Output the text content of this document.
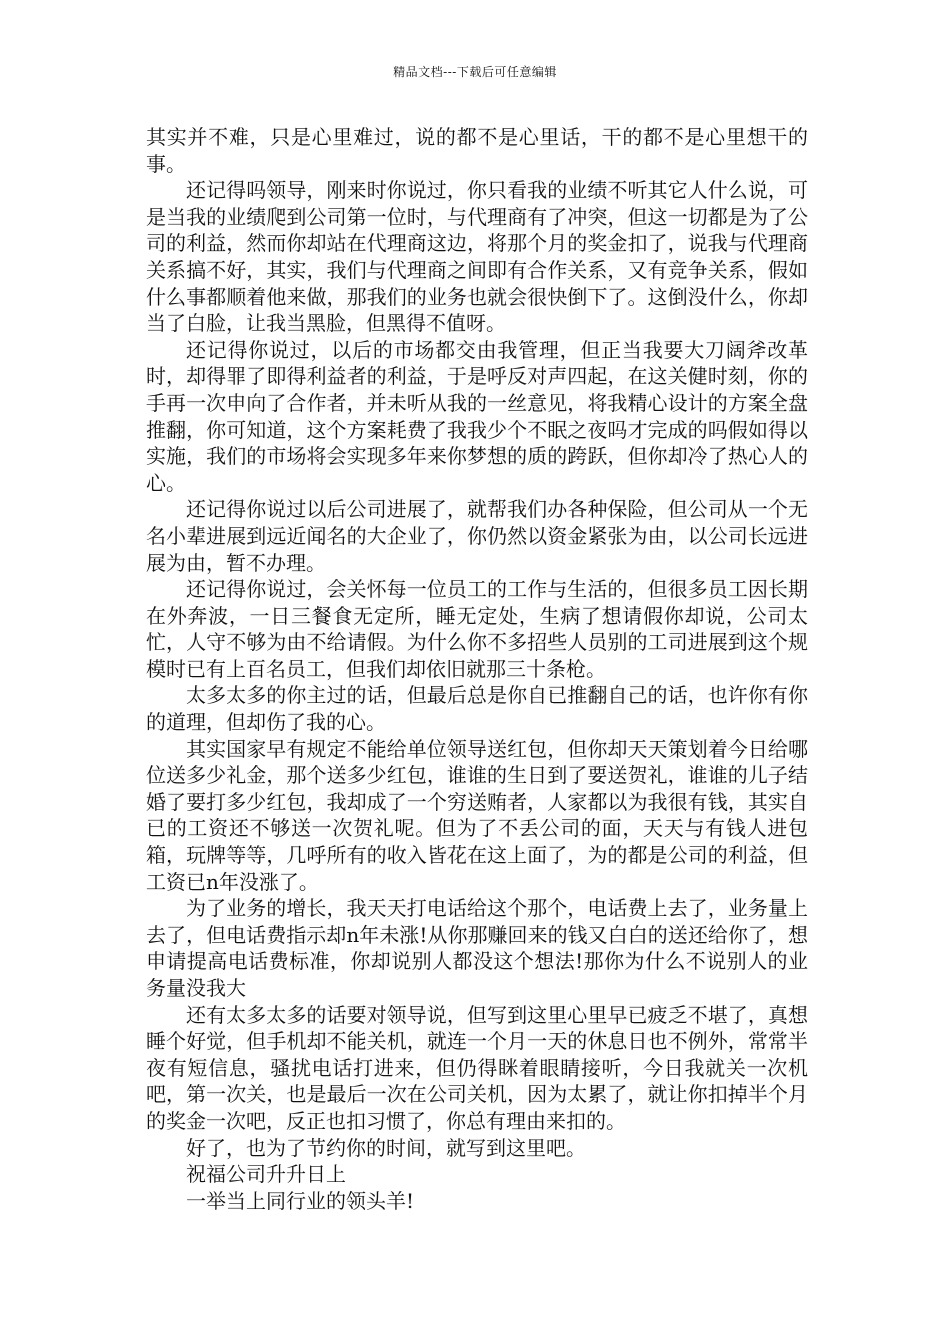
精品文档---下载后可任意编辑

其实并不难，只是心里难过，说的都不是心里话，干的都不是心里想干的事。

还记得吗领导，刚来时你说过，你只看我的业绩不听其它人什么说，可是当我的业绩爬到公司第一位时，与代理商有了冲突，但这一切都是为了公司的利益，然而你却站在代理商这边，将那个月的奖金扣了，说我与代理商关系搞不好，其实，我们与代理商之间即有合作关系，又有竞争关系，假如什么事都顺着他来做，那我们的业务也就会很快倒下了。这倒没什么，你却当了白脸，让我当黑脸，但黑得不值呀。

还记得你说过，以后的市场都交由我管理，但正当我要大刀阔斧改革时，却得罪了即得利益者的利益，于是呼反对声四起，在这关健时刻，你的手再一次申向了合作者，并未听从我的一丝意见，将我精心设计的方案全盘推翻，你可知道，这个方案耗费了我我少个不眠之夜吗才完成的吗假如得以实施，我们的市场将会实现多年来你梦想的质的跨跃，但你却冷了热心人的心。

还记得你说过以后公司进展了，就帮我们办各种保险，但公司从一个无名小辈进展到远近闻名的大企业了，你仍然以资金紧张为由，以公司长远进展为由，暂不办理。

还记得你说过，会关怀每一位员工的工作与生活的，但很多员工因长期在外奔波，一日三餐食无定所，睡无定处，生病了想请假你却说，公司太忙，人守不够为由不给请假。为什么你不多招些人员别的工司进展到这个规模时已有上百名员工，但我们却依旧就那三十条枪。

太多太多的你主过的话，但最后总是你自已推翻自己的话，也许你有你的道理，但却伤了我的心。

其实国家早有规定不能给单位领导送红包，但你却天天策划着今日给哪位送多少礼金，那个送多少红包，谁谁的生日到了要送贺礼，谁谁的儿子结婚了要打多少红包，我却成了一个穷送贿者，人家都以为我很有钱，其实自已的工资还不够送一次贺礼呢。但为了不丢公司的面，天天与有钱人进包箱，玩牌等等，几呼所有的收入皆花在这上面了，为的都是公司的利益，但工资已n年没涨了。

为了业务的增长，我天天打电话给这个那个，电话费上去了，业务量上去了，但电话费指示却n年未涨!从你那赚回来的钱又白白的送还给你了，想申请提高电话费标准，你却说别人都没这个想法!那你为什么不说别人的业务量没我大

还有太多太多的话要对领导说，但写到这里心里早已疲乏不堪了，真想睡个好觉，但手机却不能关机，就连一个月一天的休息日也不例外，常常半夜有短信息，骚扰电话打进来，但仍得眯着眼睛接听，今日我就关一次机吧，第一次关，也是最后一次在公司关机，因为太累了，就让你扣掉半个月的奖金一次吧，反正也扣习惯了，你总有理由来扣的。

好了，也为了节约你的时间，就写到这里吧。

祝福公司升升日上

一举当上同行业的领头羊!
